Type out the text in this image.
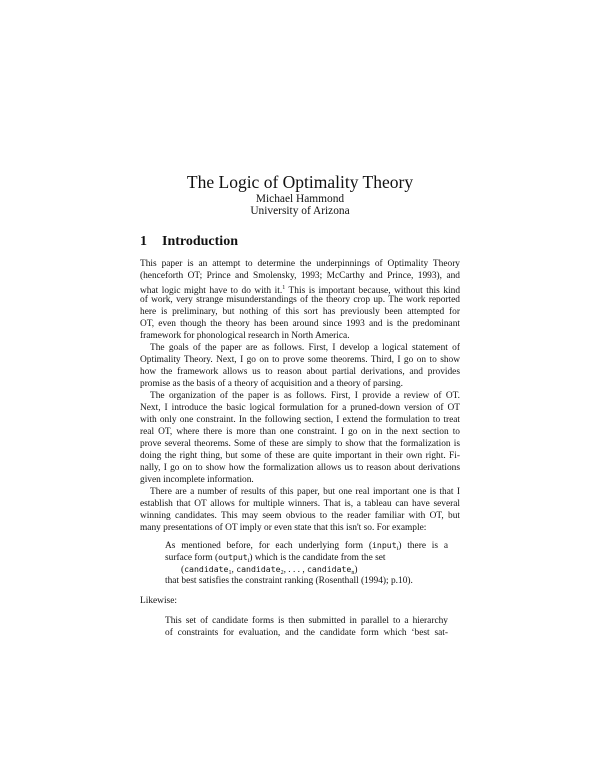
The Logic of Optimality Theory
Michael Hammond
University of Arizona
1 Introduction
This paper is an attempt to determine the underpinnings of Optimality Theory
(henceforth OT; Prince and Smolensky, 1993; McCarthy and Prince, 1993), and
what logic might have to do with it.$^1$ This is important because, without this kind
of work, very strange misunderstandings of the theory crop up. The work reported
here is preliminary, but nothing of this sort has previously been attempted for
OT, even though the theory has been around since 1993 and is the predominant
framework for phonological research in North America.
The goals of the paper are as follows. First, I develop a logical statement of
Optimality Theory. Next, I go on to prove some theorems. Third, I go on to show
how the framework allows us to reason about partial derivations, and provides
promise as the basis of a theory of acquisition and a theory of parsing.
The organization of the paper is as follows. First, I provide a review of OT.
Next, I introduce the basic logical formulation for a pruned-down version of OT
with only one constraint. In the following section, I extend the formulation to treat
real OT, where there is more than one constraint. I go on in the next section to
prove several theorems. Some of these are simply to show that the formalization is
doing the right thing, but some of these are quite important in their own right. Fi-
nally, I go on to show how the formalization allows us to reason about derivations
given incomplete information.
There are a number of results of this paper, but one real important one is that I
establish that OT allows for multiple winners. That is, a tableau can have several
winning candidates. This may seem obvious to the reader familiar with OT, but
many presentations of OT imply or even state that this isn't so. For example:
As mentioned before, for each underlying form (input$_i$) there is a
surface form (output$_i$) which is the candidate from the set
(candidate$_1$, candidate$_2$, . . . , candidate$_n$)
that best satisfies the constraint ranking (Rosenthall (1994); p.10).
Likewise:
This set of candidate forms is then submitted in parallel to a hierarchy
of constraints for evaluation, and the candidate form which ‘best sat-
